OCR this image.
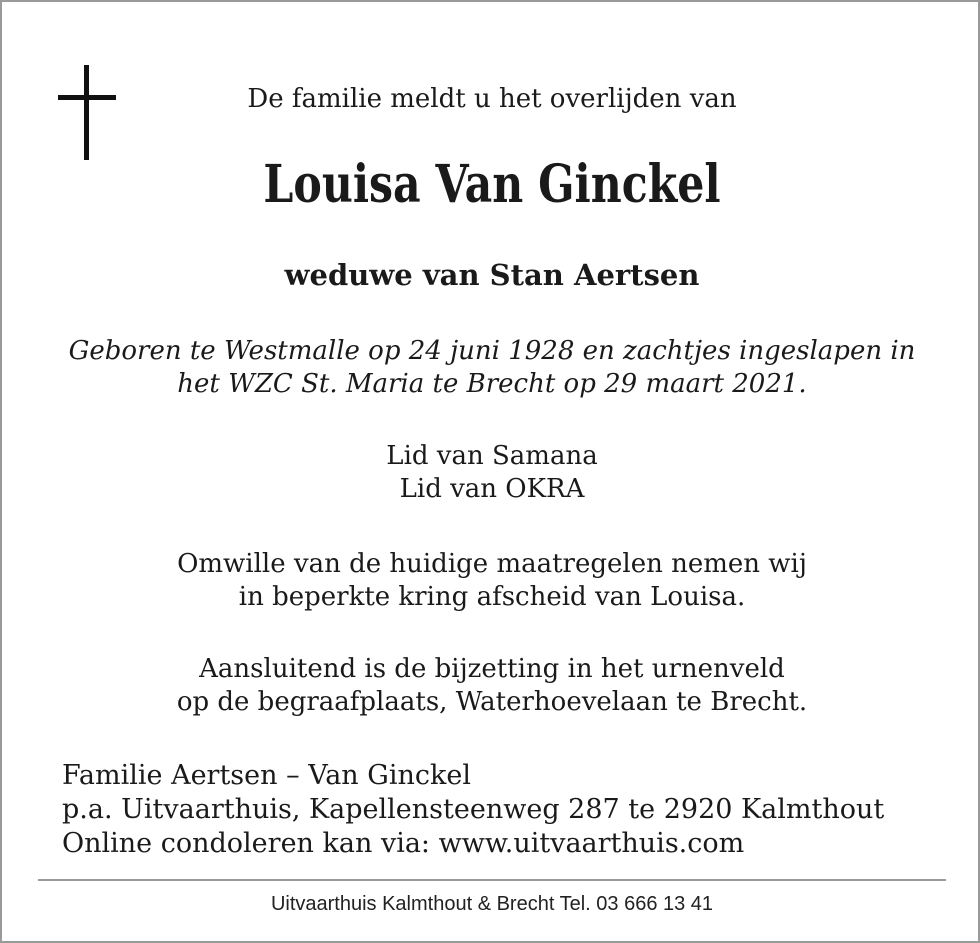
De familie meldt u het overlijden van
Louisa Van Ginckel
weduwe van Stan Aertsen
Geboren te Westmalle op 24 juni 1928 en zachtjes ingeslapen in
het WZC St. Maria te Brecht op 29 maart 2021.
Lid van Samana
Lid van OKRA
Omwille van de huidige maatregelen nemen wij
in beperkte kring afscheid van Louisa.
Aansluitend is de bijzetting in het urnenveld
op de begraafplaats, Waterhoevelaan te Brecht.
Familie Aertsen – Van Ginckel
p.a. Uitvaarthuis, Kapellensteenweg 287 te 2920 Kalmthout
Online condoleren kan via: www.uitvaarthuis.com
Uitvaarthuis Kalmthout & Brecht Tel. 03 666 13 41
